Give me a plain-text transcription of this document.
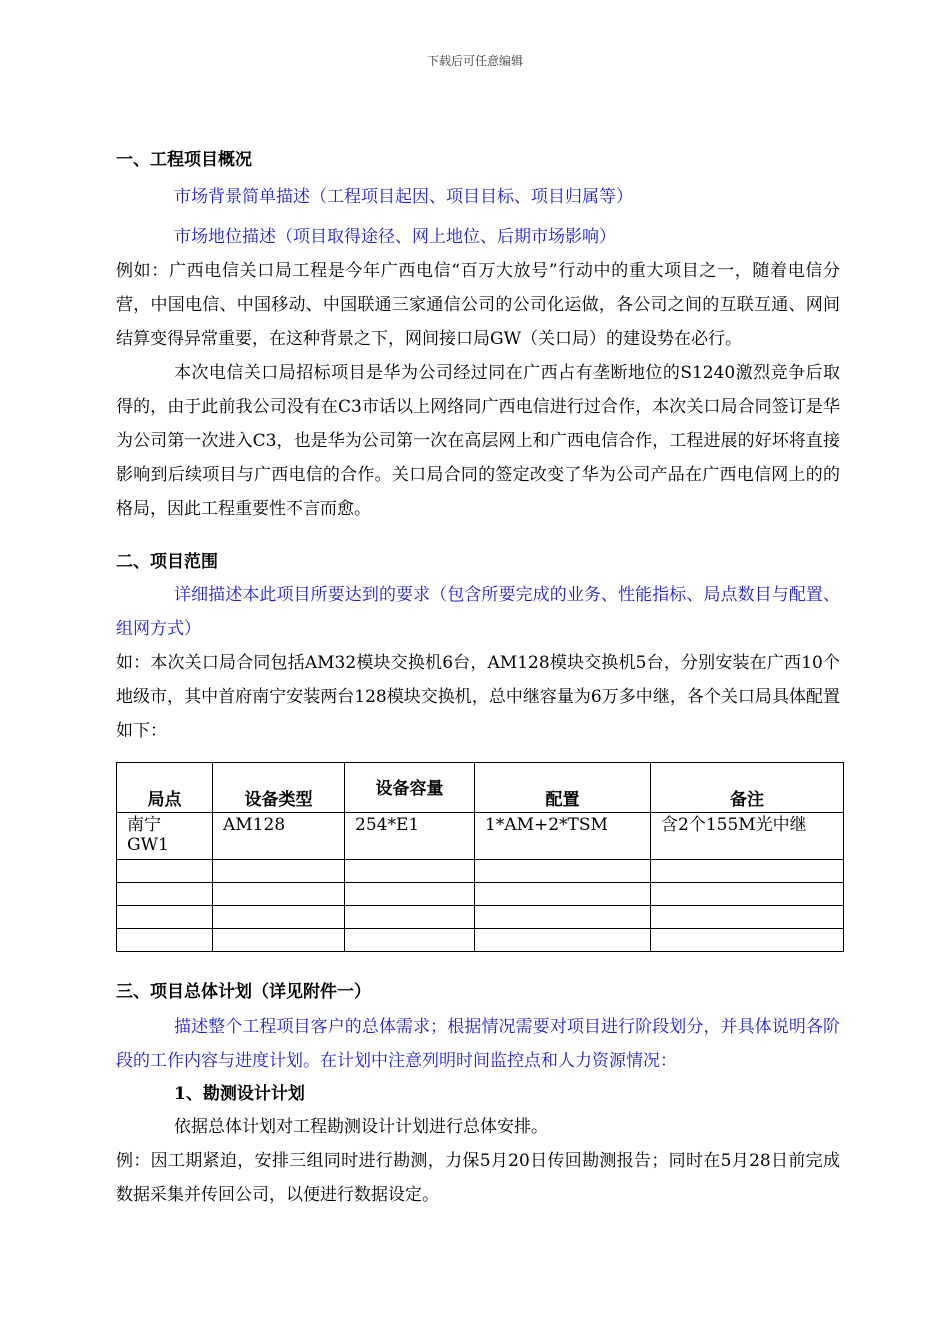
下载后可任意编辑

一、工程项目概况

市场背景简单描述（工程项目起因、项目目标、项目归属等）

市场地位描述（项目取得途径、网上地位、后期市场影响）

例如：广西电信关口局工程是今年广西电信“百万大放号”行动中的重大项目之一，随着电信分营，中国电信、中国移动、中国联通三家通信公司的公司化运做，各公司之间的互联互通、网间结算变得异常重要，在这种背景之下，网间接口局GW（关口局）的建设势在必行。

本次电信关口局招标项目是华为公司经过同在广西占有垄断地位的S1240激烈竞争后取得的，由于此前我公司没有在C3市话以上网络同广西电信进行过合作，本次关口局合同签订是华为公司第一次进入C3，也是华为公司第一次在高层网上和广西电信合作，工程进展的好坏将直接影响到后续项目与广西电信的合作。关口局合同的签定改变了华为公司产品在广西电信网上的的格局，因此工程重要性不言而愈。

二、项目范围

详细描述本此项目所要达到的要求（包含所要完成的业务、性能指标、局点数目与配置、组网方式）

如：本次关口局合同包括AM32模块交换机6台，AM128模块交换机5台，分别安装在广西10个地级市，其中首府南宁安装两台128模块交换机，总中继容量为6万多中继，各个关口局具体配置如下：

局点	设备类型	设备容量	配置	备注
南宁GW1	AM128	254*E1	1*AM+2*TSM	含2个155M光中继

三、项目总体计划（详见附件一）

描述整个工程项目客户的总体需求；根据情况需要对项目进行阶段划分，并具体说明各阶段的工作内容与进度计划。在计划中注意列明时间监控点和人力资源情况：

1、勘测设计计划

依据总体计划对工程勘测设计计划进行总体安排。

例：因工期紧迫，安排三组同时进行勘测，力保5月20日传回勘测报告；同时在5月28日前完成数据采集并传回公司，以便进行数据设定。
